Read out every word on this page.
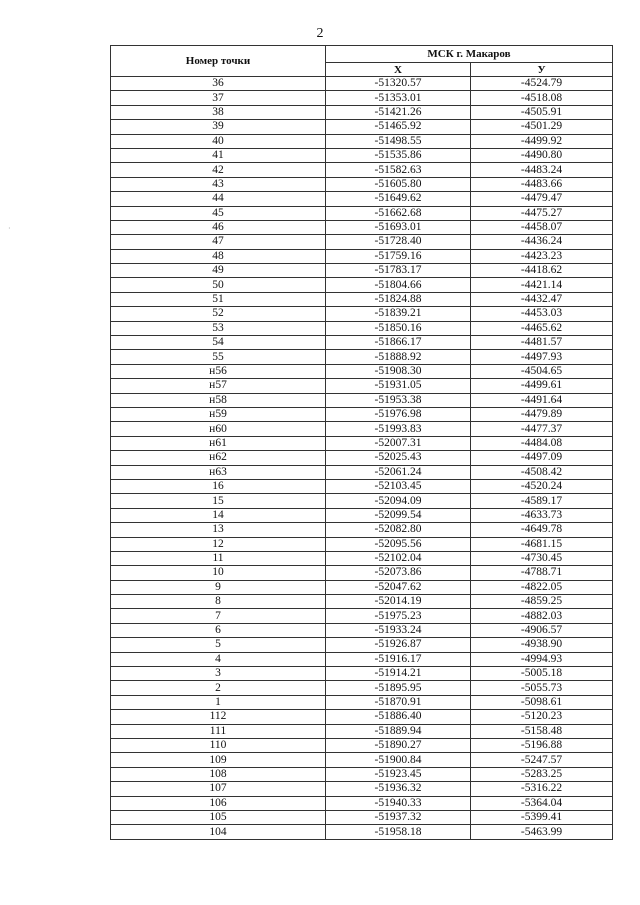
2
·
Номер точки	МСК г. Макаров	
	X	У
36	-51320.57	-4524.79
37	-51353.01	-4518.08
38	-51421.26	-4505.91
39	-51465.92	-4501.29
40	-51498.55	-4499.92
41	-51535.86	-4490.80
42	-51582.63	-4483.24
43	-51605.80	-4483.66
44	-51649.62	-4479.47
45	-51662.68	-4475.27
46	-51693.01	-4458.07
47	-51728.40	-4436.24
48	-51759.16	-4423.23
49	-51783.17	-4418.62
50	-51804.66	-4421.14
51	-51824.88	-4432.47
52	-51839.21	-4453.03
53	-51850.16	-4465.62
54	-51866.17	-4481.57
55	-51888.92	-4497.93
н56	-51908.30	-4504.65
н57	-51931.05	-4499.61
н58	-51953.38	-4491.64
н59	-51976.98	-4479.89
н60	-51993.83	-4477.37
н61	-52007.31	-4484.08
н62	-52025.43	-4497.09
н63	-52061.24	-4508.42
16	-52103.45	-4520.24
15	-52094.09	-4589.17
14	-52099.54	-4633.73
13	-52082.80	-4649.78
12	-52095.56	-4681.15
11	-52102.04	-4730.45
10	-52073.86	-4788.71
9	-52047.62	-4822.05
8	-52014.19	-4859.25
7	-51975.23	-4882.03
6	-51933.24	-4906.57
5	-51926.87	-4938.90
4	-51916.17	-4994.93
3	-51914.21	-5005.18
2	-51895.95	-5055.73
1	-51870.91	-5098.61
112	-51886.40	-5120.23
111	-51889.94	-5158.48
110	-51890.27	-5196.88
109	-51900.84	-5247.57
108	-51923.45	-5283.25
107	-51936.32	-5316.22
106	-51940.33	-5364.04
105	-51937.32	-5399.41
104	-51958.18	-5463.99
